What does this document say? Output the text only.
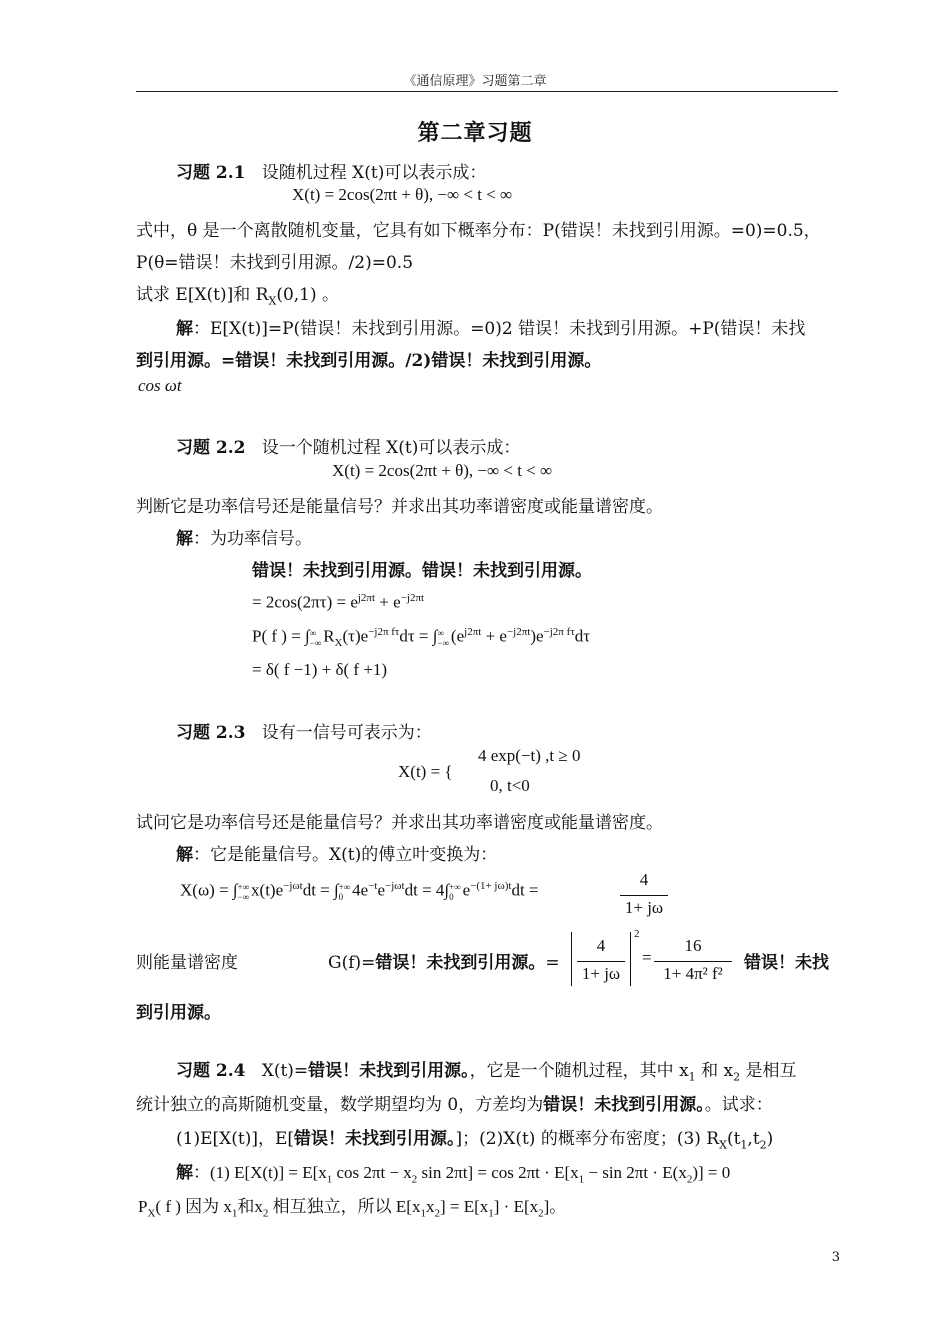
《通信原理》习题第二章
第二章习题
习题 2.1 设随机过程 X(t)可以表示成：
X(t) = 2cos(2πt + θ), −∞ < t < ∞
式中，θ 是一个离散随机变量，它具有如下概率分布：P(错误！未找到引用源。=0)=0.5，
P(θ=错误！未找到引用源。/2)=0.5
试求 E[X(t)]和 $R_X(0,1)$ 。
解：E[X(t)]=P(错误！未找到引用源。=0)2 错误！未找到引用源。+P(错误！未找
到引用源。=错误！未找到引用源。/2)错误！未找到引用源。
cos ωt
习题 2.2 设一个随机过程 X(t)可以表示成：
X(t) = 2cos(2πt + θ), −∞ < t < ∞
判断它是功率信号还是能量信号？并求出其功率谱密度或能量谱密度。
解：为功率信号。
错误！未找到引用源。错误！未找到引用源。
= $2\cos(2\pi\tau) = e^{j2\pi t} + e^{-j2\pi t}$
P( f ) = ∫ ∞
−∞ $R_X(\tau)e^{-j2\pi f\tau}d\tau$ = ∫ ∞
−∞ $(e^{j2\pi t} + e^{-j2\pi t})e^{-j2\pi f\tau}d\tau$
= δ( f −1) + δ( f +1)
习题 2.3 设有一信号可表示为：
X(t) = {
4 exp(−t) ,t ≥ 0
0, t<0
试问它是功率信号还是能量信号？并求出其功率谱密度或能量谱密度。
解：它是能量信号。X(t)的傅立叶变换为：
X(ω) = ∫ +∞
−∞ $x(t)e^{-j\omega t}dt$ = ∫ +∞
0 $4e^{-t}e^{-j\omega t}dt = 4\int$ +∞
0 $e^{-(1+ j\omega)t}dt$ =
4
1+ jω
则能量谱密度	G(f)=错误！未找到引用源。=
4
1+ jω
2
=
16
1+ 4π² f²
错误！未找
到引用源。
习题 2.4 X(t)=错误！未找到引用源。，它是一个随机过程，其中 $x_1$ 和 $x_2$ 是相互
统计独立的高斯随机变量，数学期望均为 0，方差均为错误！未找到引用源。。试求：
(1)E[X(t)]，E[错误！未找到引用源。]；(2)X(t) 的概率分布密度；(3) $R_X(t_1,t_2)$
解：(1) $E[X(t)] = E[x_1$ $\cos 2\pi t - x_2$ $\sin 2\pi t] = \cos 2\pi t \cdot E[x_1 - \sin 2\pi t \cdot E(x_2)] = 0$
$P_X$( f ) 因为 $x_1$和$x_2$ 相互独立，所以 $E[x_1x_2] = E[x_1] \cdot E[x_2]$。
3
